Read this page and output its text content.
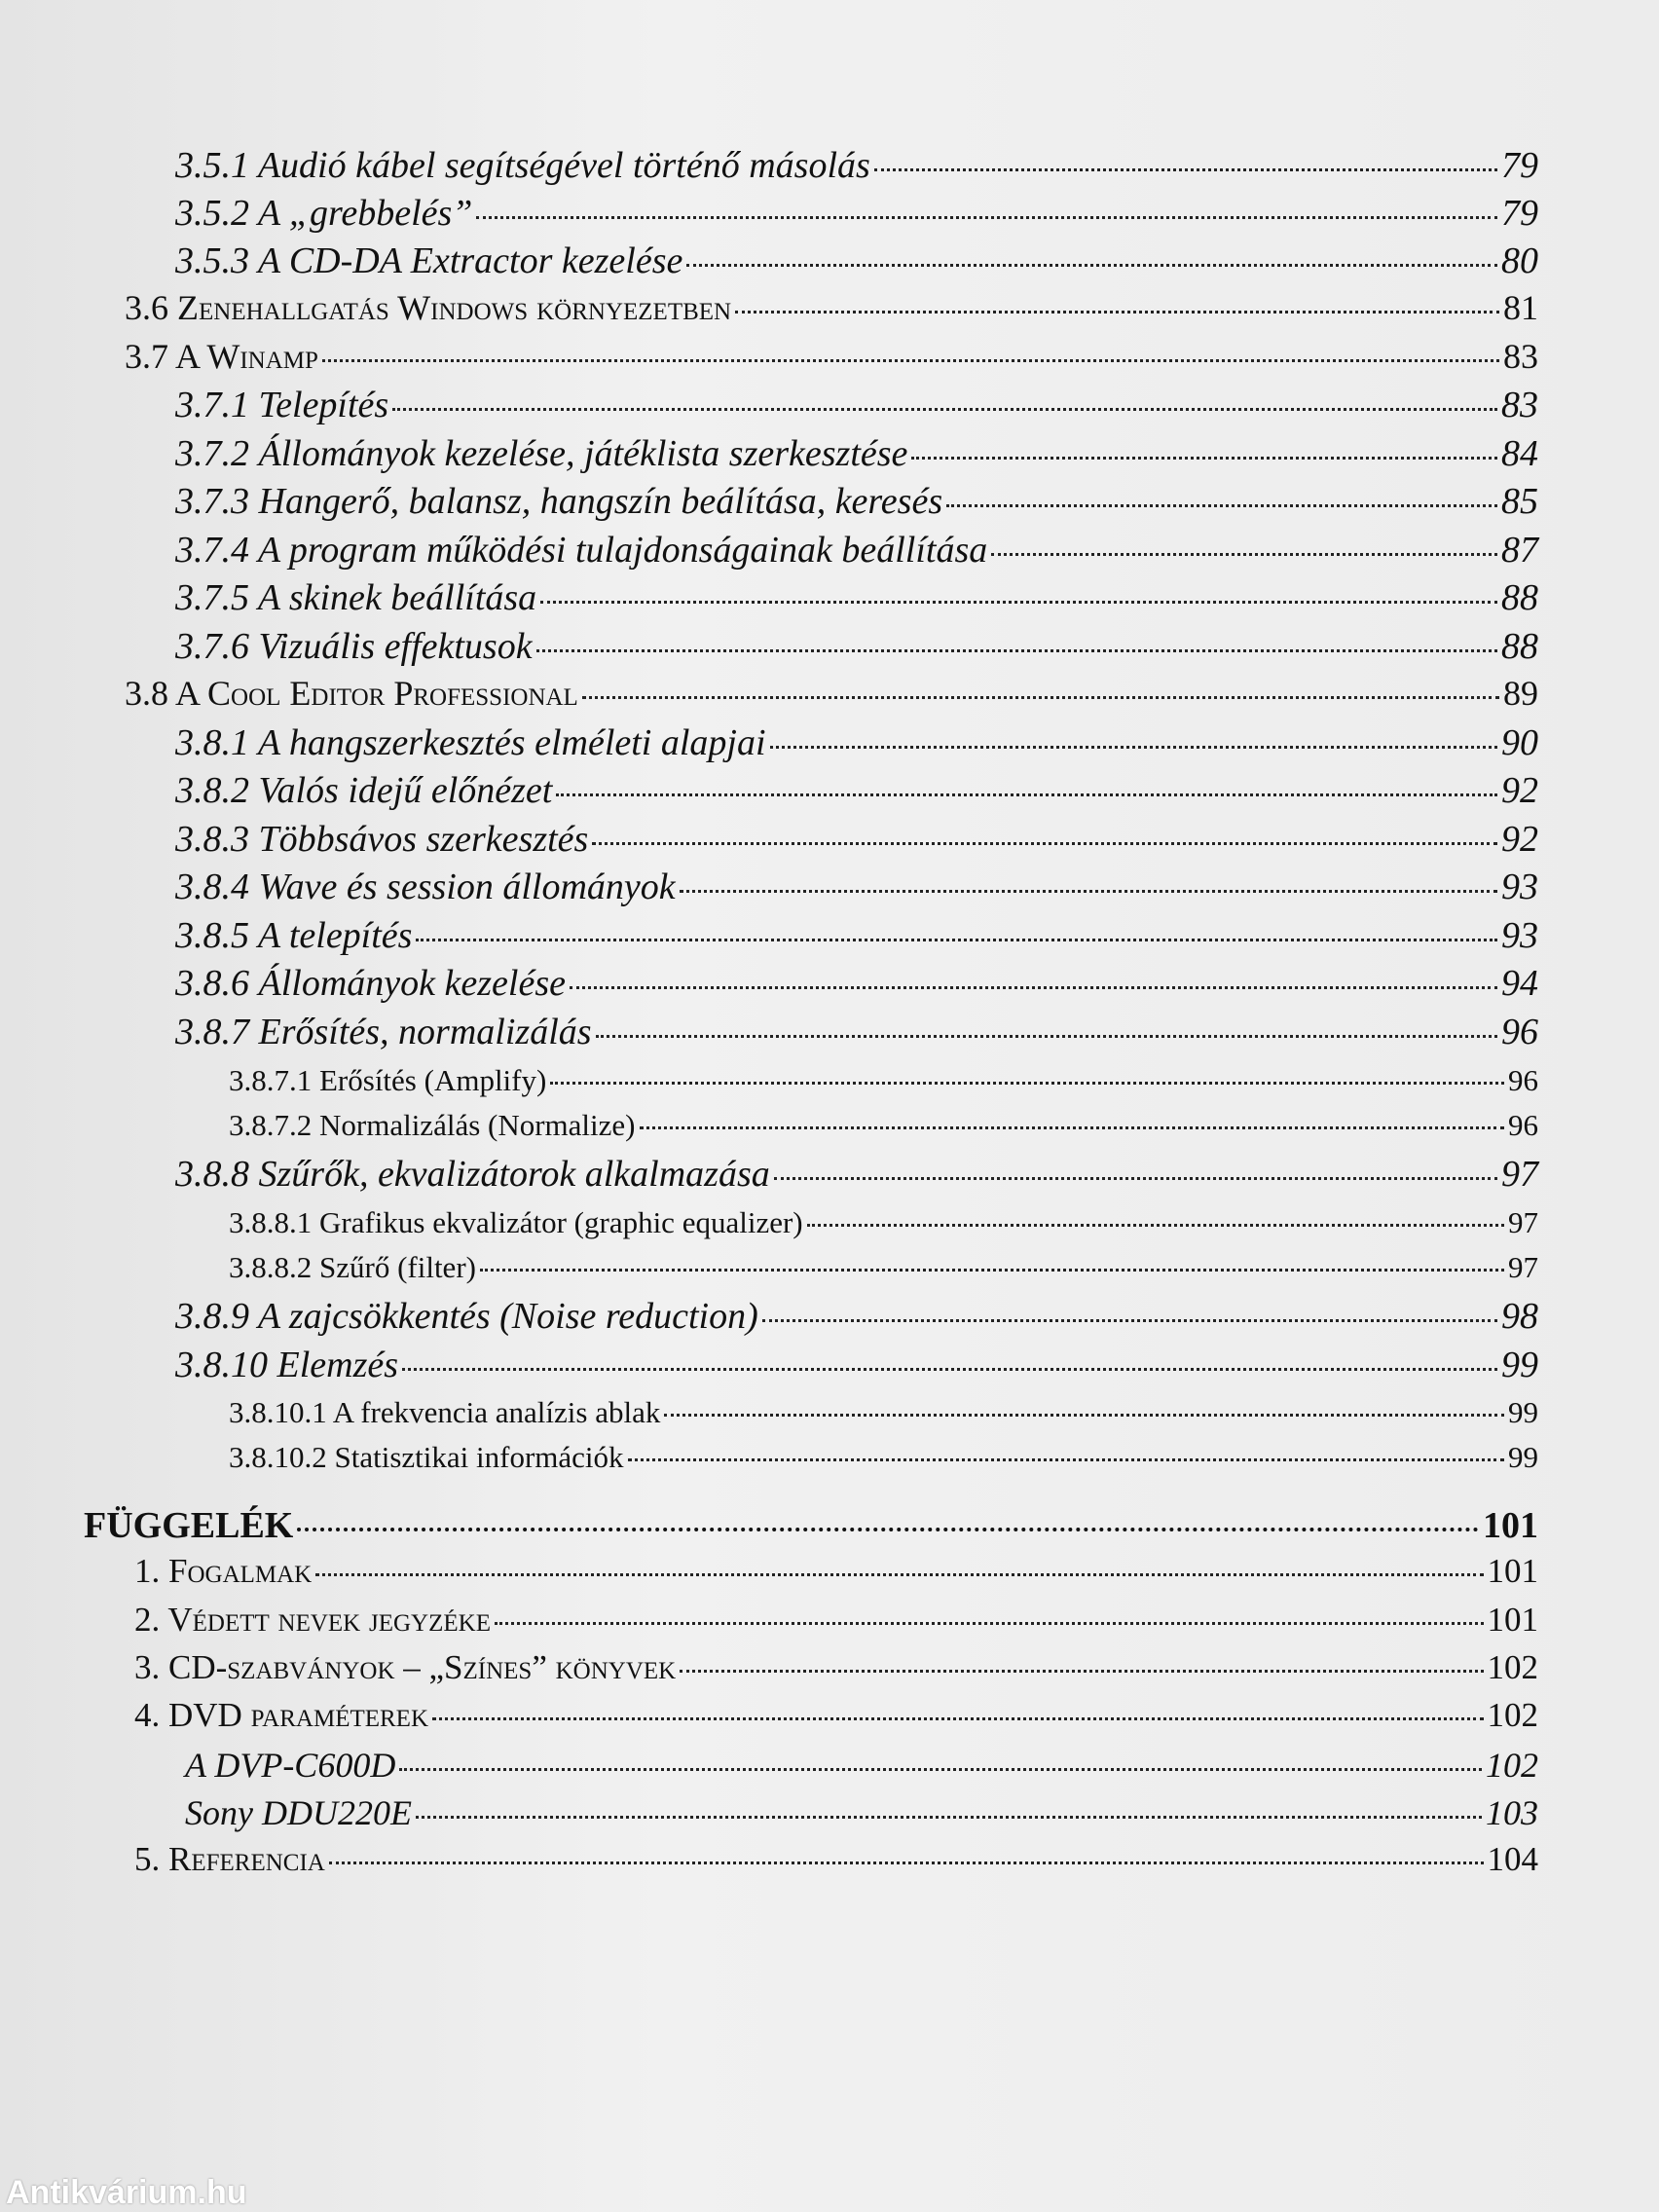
3.5.1 Audió kábel segítségével történő másolás	79
3.5.2 A „grebbelés”	79
3.5.3 A CD-DA Extractor kezelése	80
3.6 Zenehallgatás Windows környezetben	81
3.7 A Winamp	83
3.7.1 Telepítés	83
3.7.2 Állományok kezelése, játéklista szerkesztése	84
3.7.3 Hangerő, balansz, hangszín beálítása, keresés	85
3.7.4 A program működési tulajdonságainak beállítása	87
3.7.5 A skinek beállítása	88
3.7.6 Vizuális effektusok	88
3.8 A Cool Editor Professional	89
3.8.1 A hangszerkesztés elméleti alapjai	90
3.8.2 Valós idejű előnézet	92
3.8.3 Többsávos szerkesztés	92
3.8.4 Wave és session állományok	93
3.8.5 A telepítés	93
3.8.6 Állományok kezelése	94
3.8.7 Erősítés, normalizálás	96
3.8.7.1 Erősítés (Amplify)	96
3.8.7.2 Normalizálás (Normalize)	96
3.8.8 Szűrők, ekvalizátorok alkalmazása	97
3.8.8.1 Grafikus ekvalizátor (graphic equalizer)	97
3.8.8.2 Szűrő (filter)	97
3.8.9 A zajcsökkentés (Noise reduction)	98
3.8.10 Elemzés	99
3.8.10.1 A frekvencia analízis ablak	99
3.8.10.2 Statisztikai információk	99
FÜGGELÉK	101
1. Fogalmak	101
2. Védett nevek jegyzéke	101
3. CD-szabványok – „Színes” könyvek	102
4. DVD paraméterek	102
A DVP-C600D	102
Sony DDU220E	103
5. Referencia	104
Antikvárium.hu
